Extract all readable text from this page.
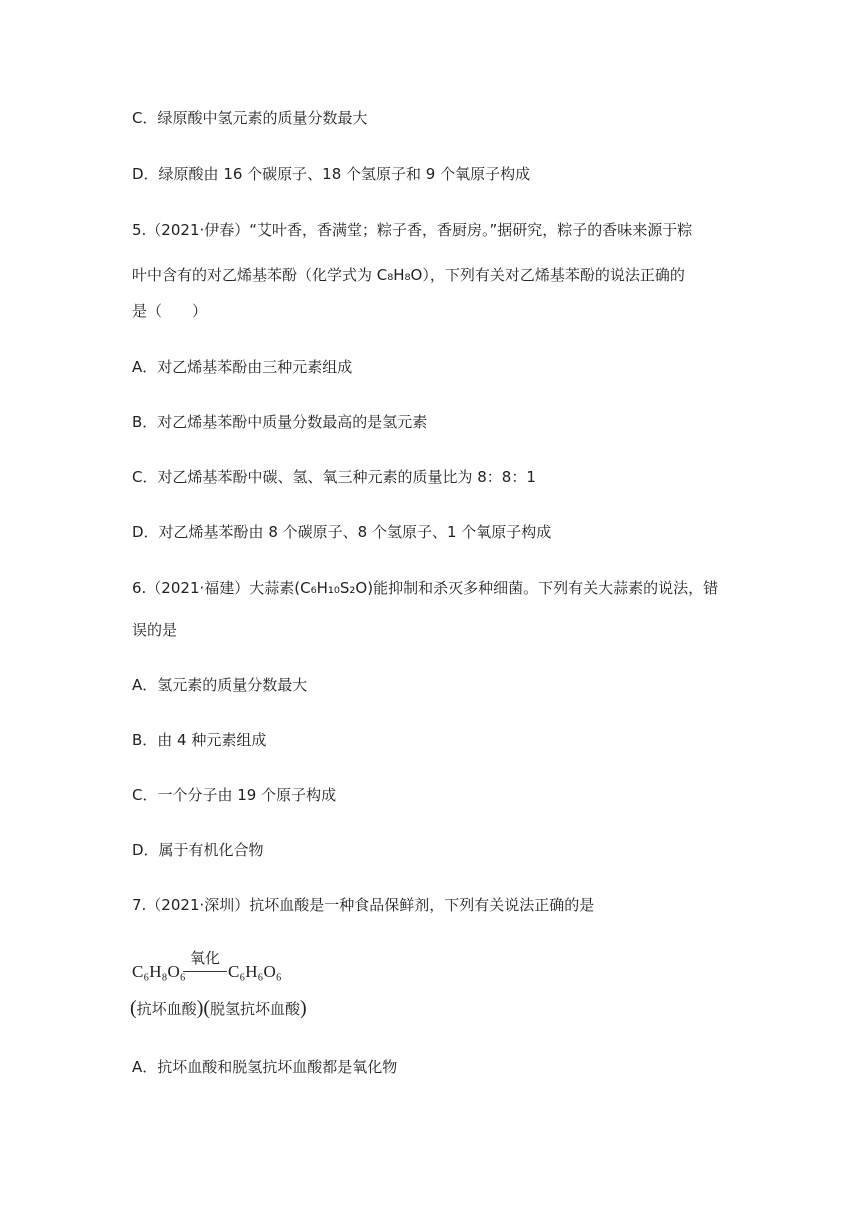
C．绿原酸中氢元素的质量分数最大
D．绿原酸由 16 个碳原子、18 个氢原子和 9 个氧原子构成
5.（2021·伊春）“艾叶香，香满堂；粽子香，香厨房。”据研究，粽子的香味来源于粽
叶中含有的对乙烯基苯酚（化学式为 C₈H₈O），下列有关对乙烯基苯酚的说法正确的
是（　　）
A．对乙烯基苯酚由三种元素组成
B．对乙烯基苯酚中质量分数最高的是氢元素
C．对乙烯基苯酚中碳、氢、氧三种元素的质量比为 8：8：1
D．对乙烯基苯酚由 8 个碳原子、8 个氢原子、1 个氧原子构成
6.（2021·福建）大蒜素(C₆H₁₀S₂O)能抑制和杀灭多种细菌。下列有关大蒜素的说法，错
误的是
A．氢元素的质量分数最大
B．由 4 种元素组成
C．一个分子由 19 个原子构成
D．属于有机化合物
7.（2021·深圳）抗坏血酸是一种食品保鲜剂，下列有关说法正确的是
C₆H₈O₆
氧化
C₆H₆O₆
(抗坏血酸)(脱氢抗坏血酸)
A．抗坏血酸和脱氢抗坏血酸都是氧化物
